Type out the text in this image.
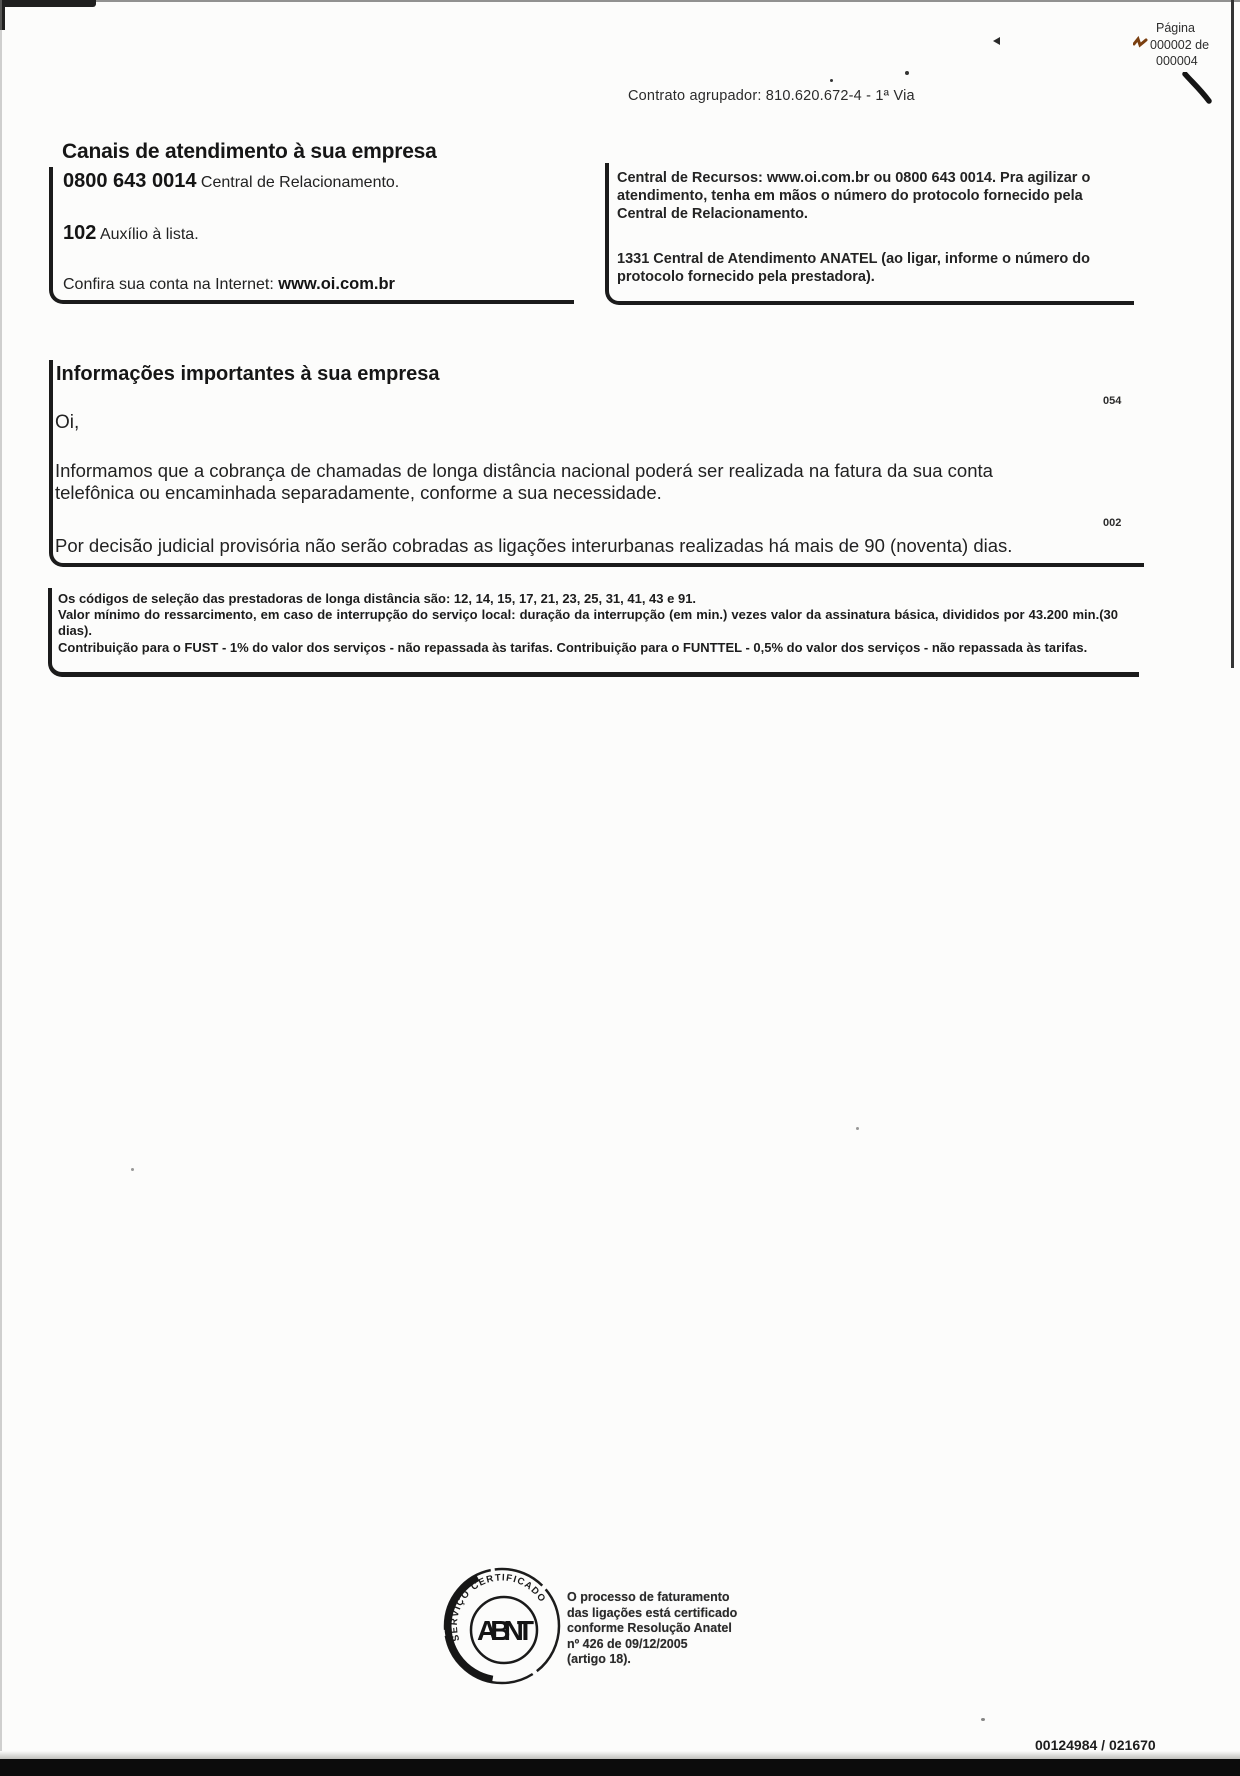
Contrato agrupador: 810.620.672-4 - 1ª Via
Página
000002 de
000004
Canais de atendimento à sua empresa
0800 643 0014 Central de Relacionamento.
102 Auxílio à lista.
Confira sua conta na Internet: www.oi.com.br
Central de Recursos: www.oi.com.br ou 0800 643 0014. Pra agilizar o atendimento, tenha em mãos o número do protocolo fornecido pela Central de Relacionamento.
1331 Central de Atendimento ANATEL (ao ligar, informe o número do protocolo fornecido pela prestadora).
Informações importantes à sua empresa
054
Oi,
Informamos que a cobrança de chamadas de longa distância nacional poderá ser realizada na fatura da sua conta telefônica ou encaminhada separadamente, conforme a sua necessidade.
002
Por decisão judicial provisória não serão cobradas as ligações interurbanas realizadas há mais de 90 (noventa) dias.
Os códigos de seleção das prestadoras de longa distância são: 12, 14, 15, 17, 21, 23, 25, 31, 41, 43 e 91.
Valor mínimo do ressarcimento, em caso de interrupção do serviço local: duração da interrupção (em min.) vezes valor da assinatura básica, divididos por 43.200 min.(30 dias).
Contribuição para o FUST - 1% do valor dos serviços - não repassada às tarifas. Contribuição para o FUNTTEL - 0,5% do valor dos serviços - não repassada às tarifas.
SERVIÇO CERTIFICADO
ABNT
O processo de faturamento
das ligações está certificado
conforme Resolução Anatel
nº 426 de 09/12/2005
(artigo 18).
00124984 / 021670
